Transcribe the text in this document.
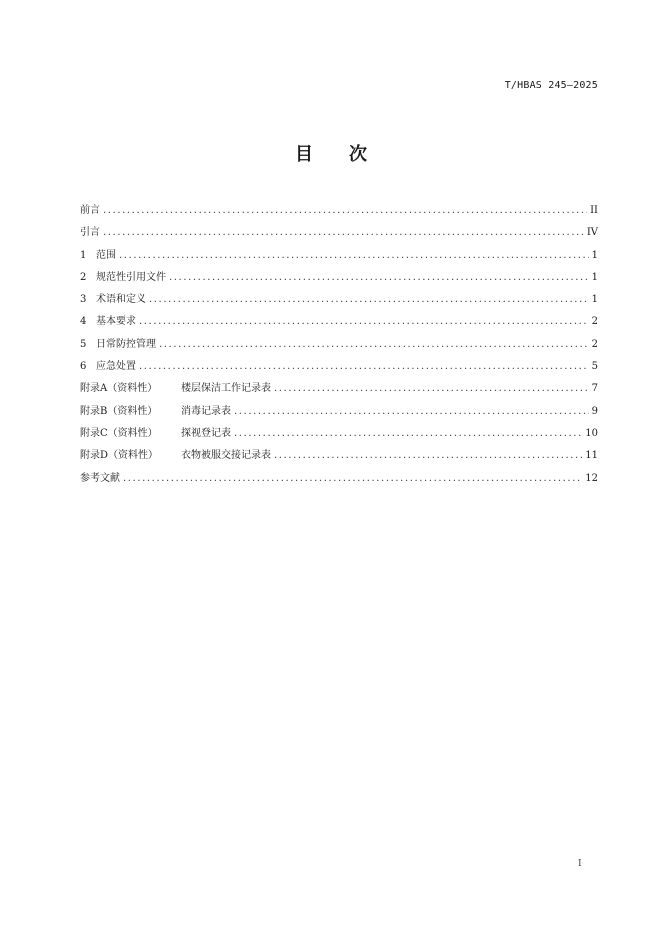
T/HBAS 245—2025
目 次
前言 .....	II
引言 .....	IV
1 范围 .....	1
2 规范性引用文件 .....	1
3 术语和定义 .....	1
4 基本要求 .....	2
5 日常防控管理 .....	2
6 应急处置 .....	5
附录A（资料性）	楼层保洁工作记录表 .....	7
附录B（资料性）	消毒记录表 .....	9
附录C（资料性）	探视登记表 .....	10
附录D（资料性）	衣物被服交接记录表 .....	11
参考文献 .....	12
I
